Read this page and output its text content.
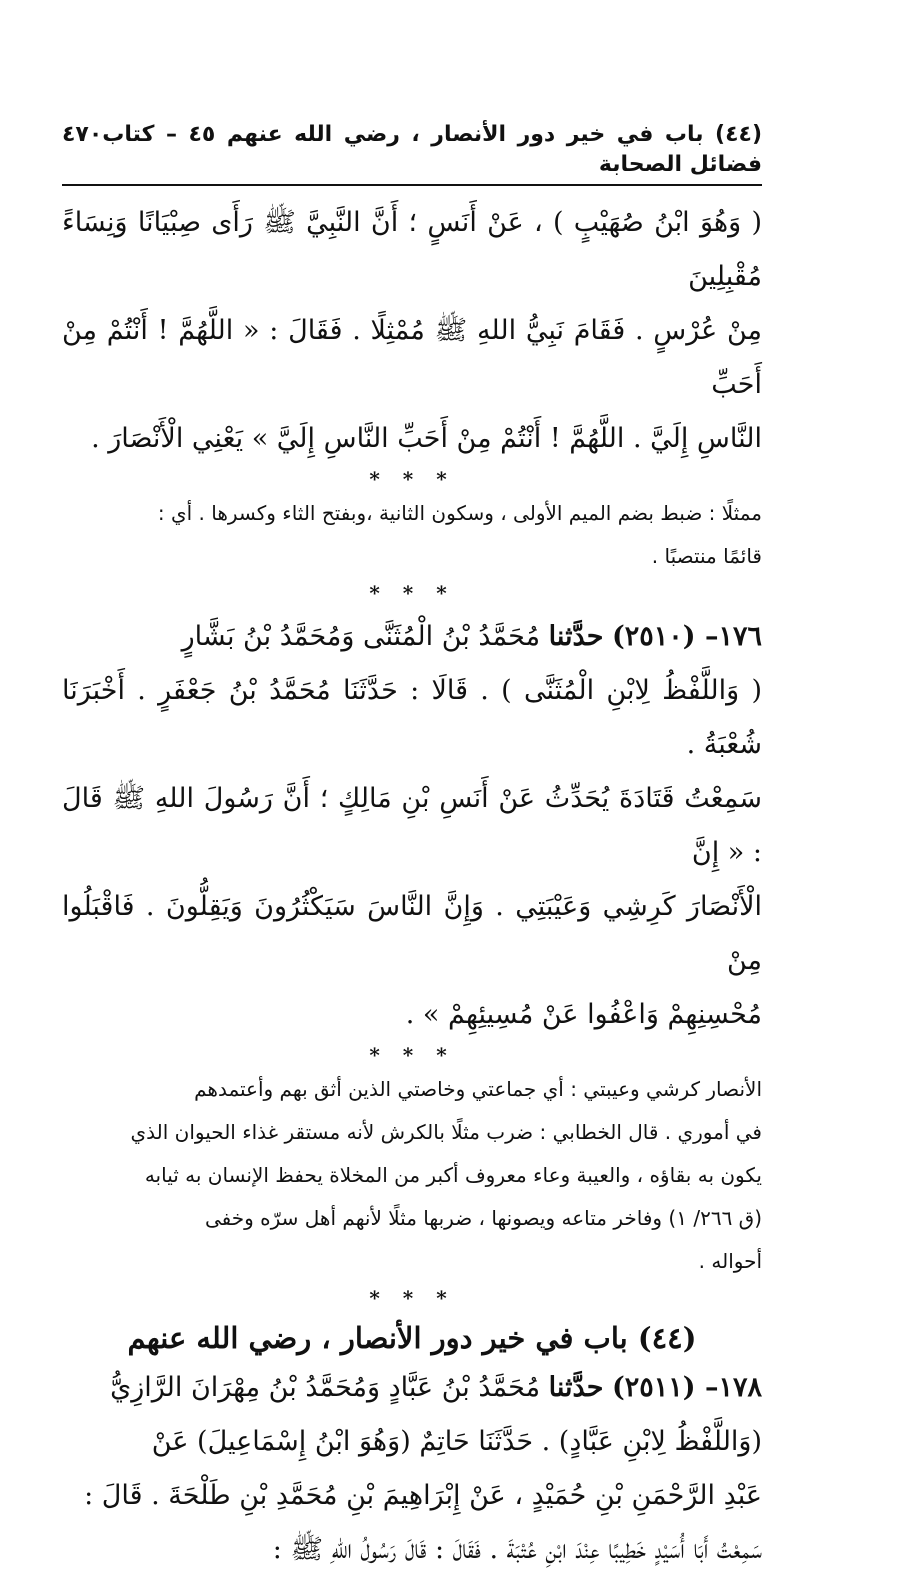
(٤٤) باب في خير دور الأنصار ، رضي الله عنهم ٤٥ – كتاب فضائل الصحابة
٤٧٠
( وَهُوَ ابْنُ صُهَيْبٍ ) ، عَنْ أَنَسٍ ؛ أَنَّ النَّبِيَّ ﷺ رَأَى صِبْيَانًا وَنِسَاءً مُقْبِلِينَ
مِنْ عُرْسٍ . فَقَامَ نَبِيُّ اللهِ ﷺ مُمْثِلًا . فَقَالَ : « اللَّهُمَّ ! أَنْتُمْ مِنْ أَحَبِّ
النَّاسِ إِلَيَّ . اللَّهُمَّ ! أَنْتُمْ مِنْ أَحَبِّ النَّاسِ إِلَيَّ » يَعْنِي الْأَنْصَارَ .
* * *
ممثلًا : ضبط بضم الميم الأولى ، وسكون الثانية ،وبفتح الثاء وكسرها . أي :
قائمًا منتصبًا .
* * *
١٧٦– (٢٥١٠) حدَّثنا مُحَمَّدُ بْنُ الْمُثَنَّى وَمُحَمَّدُ بْنُ بَشَّارٍ
( وَاللَّفْظُ لِابْنِ الْمُثَنَّى ) . قَالَا : حَدَّثَنَا مُحَمَّدُ بْنُ جَعْفَرٍ . أَخْبَرَنَا شُعْبَةُ .
سَمِعْتُ قَتَادَةَ يُحَدِّثُ عَنْ أَنَسِ بْنِ مَالِكٍ ؛ أَنَّ رَسُولَ اللهِ ﷺ قَالَ : « إِنَّ
الْأَنْصَارَ كَرِشِي وَعَيْبَتِي . وَإِنَّ النَّاسَ سَيَكْثُرُونَ وَيَقِلُّونَ . فَاقْبَلُوا مِنْ
مُحْسِنِهِمْ وَاعْفُوا عَنْ مُسِيئِهِمْ » .
* * *
الأنصار كرشي وعيبتي : أي جماعتي وخاصتي الذين أثق بهم وأعتمدهم
في أموري . قال الخطابي : ضرب مثلًا بالكرش لأنه مستقر غذاء الحيوان الذي
يكون به بقاؤه ، والعيبة وعاء معروف أكبر من المخلاة يحفظ الإنسان به ثيابه
(ق ٢٦٦/ ١) وفاخر متاعه ويصونها ، ضربها مثلًا لأنهم أهل سرّه وخفى
أحواله .
* * *
(٤٤) باب في خير دور الأنصار ، رضي الله عنهم
١٧٨– (٢٥١١) حدَّثنا مُحَمَّدُ بْنُ عَبَّادٍ وَمُحَمَّدُ بْنُ مِهْرَانَ الرَّازِيُّ
(وَاللَّفْظُ لِابْنِ عَبَّادٍ) . حَدَّثَنَا حَاتِمٌ (وَهُوَ ابْنُ إِسْمَاعِيلَ) عَنْ
عَبْدِ الرَّحْمَنِ بْنِ حُمَيْدٍ ، عَنْ إِبْرَاهِيمَ بْنِ مُحَمَّدِ بْنِ طَلْحَةَ . قَالَ :
سَمِعْتُ أَبَا أُسَيْدٍ خَطِيبًا عِنْدَ ابْنِ عُتْبَةَ . فَقَالَ : قَالَ رَسُولُ اللهِ ﷺ :
